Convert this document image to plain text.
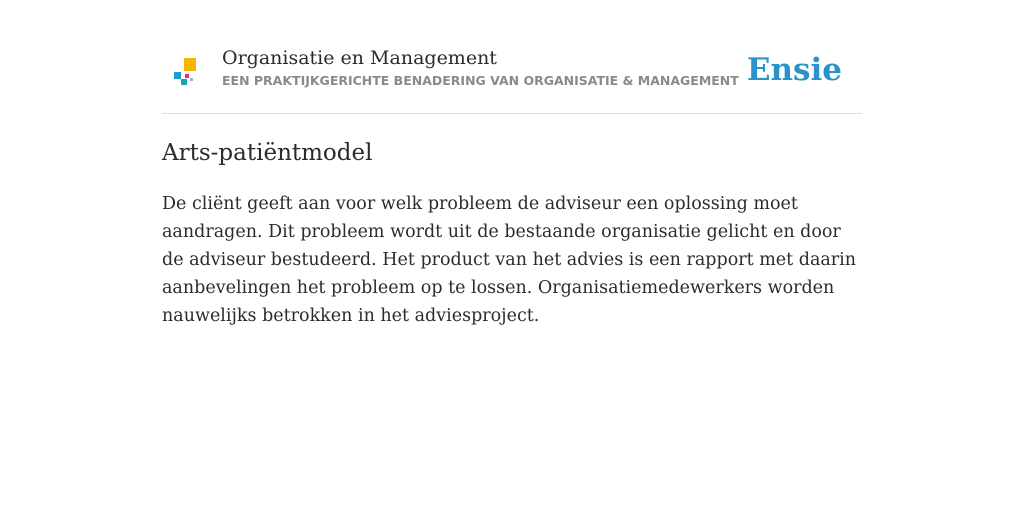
Organisatie en Management
EEN PRAKTIJKGERICHTE BENADERING VAN ORGANISATIE & MANAGEMENT Ensie
Arts-patiëntmodel

De cliënt geeft aan voor welk probleem de adviseur een oplossing moet aandragen. Dit probleem wordt uit de bestaande organisatie gelicht en door de adviseur bestudeerd. Het product van het advies is een rapport met daarin aanbevelingen het probleem op te lossen. Organisatiemedewerkers worden nauwelijks betrokken in het adviesproject.
